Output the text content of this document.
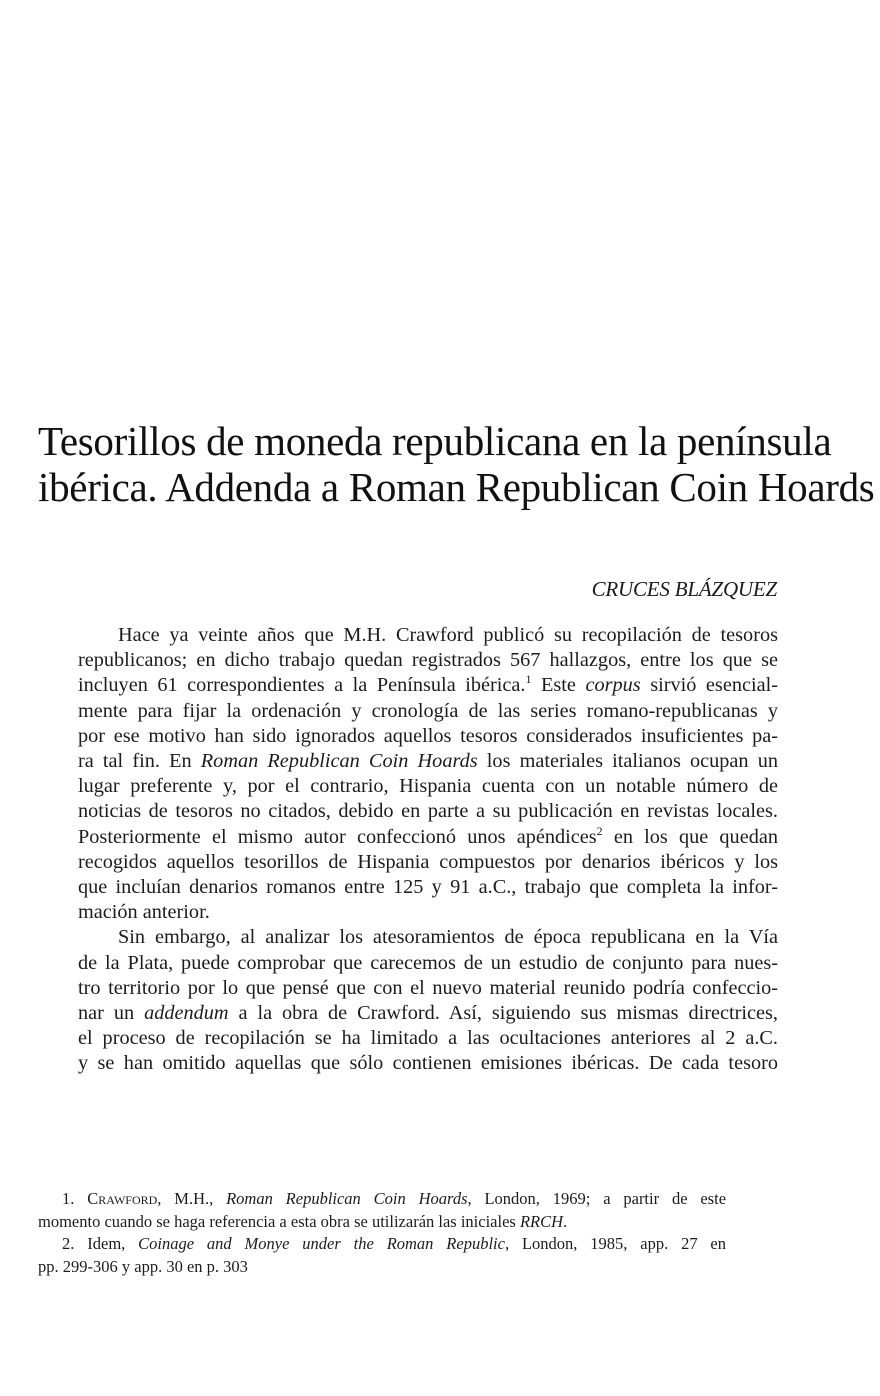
Tesorillos de moneda republicana en la península
ibérica. Addenda a Roman Republican Coin Hoards
CRUCES BLÁZQUEZ

Hace ya veinte años que M.H. Crawford publicó su recopilación de tesoros
republicanos; en dicho trabajo quedan registrados 567 hallazgos, entre los que se
incluyen 61 correspondientes a la Península ibérica.$^1$ Este corpus sirvió esencial-
mente para fijar la ordenación y cronología de las series romano-republicanas y
por ese motivo han sido ignorados aquellos tesoros considerados insuficientes pa-
ra tal fin. En Roman Republican Coin Hoards los materiales italianos ocupan un
lugar preferente y, por el contrario, Hispania cuenta con un notable número de
noticias de tesoros no citados, debido en parte a su publicación en revistas locales.
Posteriormente el mismo autor confeccionó unos apéndices$^2$ en los que quedan
recogidos aquellos tesorillos de Hispania compuestos por denarios ibéricos y los
que incluían denarios romanos entre 125 y 91 a.C., trabajo que completa la infor-
mación anterior.

Sin embargo, al analizar los atesoramientos de época republicana en la Vía
de la Plata, puede comprobar que carecemos de un estudio de conjunto para nues-
tro territorio por lo que pensé que con el nuevo material reunido podría confeccio-
nar un addendum a la obra de Crawford. Así, siguiendo sus mismas directrices,
el proceso de recopilación se ha limitado a las ocultaciones anteriores al 2 a.C.
y se han omitido aquellas que sólo contienen emisiones ibéricas. De cada tesoro

1. Crawford, M.H., Roman Republican Coin Hoards, London, 1969; a partir de este
momento cuando se haga referencia a esta obra se utilizarán las iniciales RRCH.
2. Idem, Coinage and Monye under the Roman Republic, London, 1985, app. 27 en
pp. 299-306 y app. 30 en p. 303
